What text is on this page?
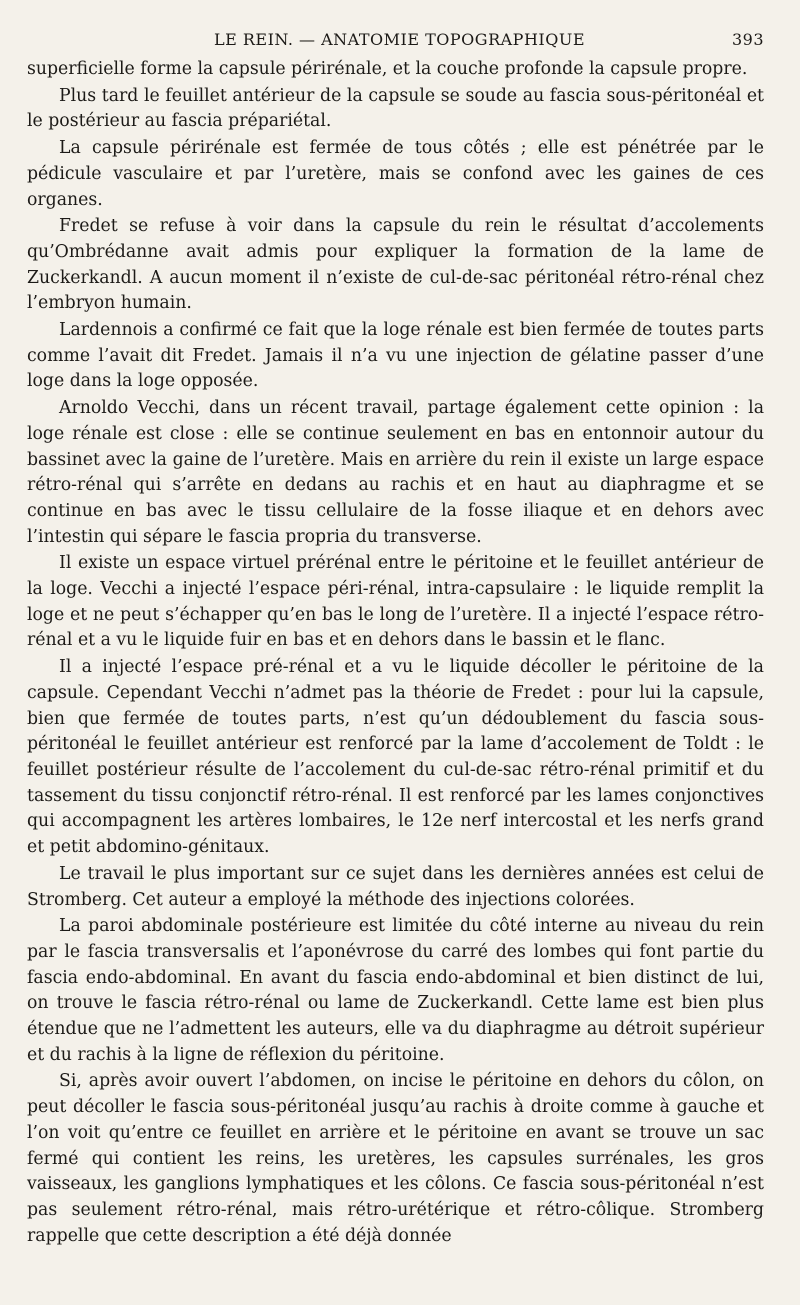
LE REIN. — ANATOMIE TOPOGRAPHIQUE	393

superficielle forme la capsule périrénale, et la couche profonde la capsule propre.

Plus tard le feuillet antérieur de la capsule se soude au fascia sous-péritonéal et le postérieur au fascia prépariétal.

La capsule périrénale est fermée de tous côtés ; elle est pénétrée par le pédicule vasculaire et par l’uretère, mais se confond avec les gaines de ces organes.

Fredet se refuse à voir dans la capsule du rein le résultat d’accolements qu’Ombrédanne avait admis pour expliquer la formation de la lame de Zuckerkandl. A aucun moment il n’existe de cul-de-sac péritonéal rétro-rénal chez l’embryon humain.

Lardennois a confirmé ce fait que la loge rénale est bien fermée de toutes parts comme l’avait dit Fredet. Jamais il n’a vu une injection de gélatine passer d’une loge dans la loge opposée.

Arnoldo Vecchi, dans un récent travail, partage également cette opinion : la loge rénale est close : elle se continue seulement en bas en entonnoir autour du bassinet avec la gaine de l’uretère. Mais en arrière du rein il existe un large espace rétro-rénal qui s’arrête en dedans au rachis et en haut au diaphragme et se continue en bas avec le tissu cellulaire de la fosse iliaque et en dehors avec l’intestin qui sépare le fascia propria du transverse.

Il existe un espace virtuel prérénal entre le péritoine et le feuillet antérieur de la loge. Vecchi a injecté l’espace péri-rénal, intra-capsulaire : le liquide remplit la loge et ne peut s’échapper qu’en bas le long de l’uretère. Il a injecté l’espace rétro-rénal et a vu le liquide fuir en bas et en dehors dans le bassin et le flanc.

Il a injecté l’espace pré-rénal et a vu le liquide décoller le péritoine de la capsule. Cependant Vecchi n’admet pas la théorie de Fredet : pour lui la capsule, bien que fermée de toutes parts, n’est qu’un dédoublement du fascia sous-péritonéal le feuillet antérieur est renforcé par la lame d’accolement de Toldt : le feuillet postérieur résulte de l’accolement du cul-de-sac rétro-rénal primitif et du tassement du tissu conjonctif rétro-rénal. Il est renforcé par les lames conjonctives qui accompagnent les artères lombaires, le 12e nerf intercostal et les nerfs grand et petit abdomino-génitaux.

Le travail le plus important sur ce sujet dans les dernières années est celui de Stromberg. Cet auteur a employé la méthode des injections colorées.

La paroi abdominale postérieure est limitée du côté interne au niveau du rein par le fascia transversalis et l’aponévrose du carré des lombes qui font partie du fascia endo-abdominal. En avant du fascia endo-abdominal et bien distinct de lui, on trouve le fascia rétro-rénal ou lame de Zuckerkandl. Cette lame est bien plus étendue que ne l’admettent les auteurs, elle va du diaphragme au détroit supérieur et du rachis à la ligne de réflexion du péritoine.

Si, après avoir ouvert l’abdomen, on incise le péritoine en dehors du côlon, on peut décoller le fascia sous-péritonéal jusqu’au rachis à droite comme à gauche et l’on voit qu’entre ce feuillet en arrière et le péritoine en avant se trouve un sac fermé qui contient les reins, les uretères, les capsules surrénales, les gros vaisseaux, les ganglions lymphatiques et les côlons. Ce fascia sous-péritonéal n’est pas seulement rétro-rénal, mais rétro-urétérique et rétro-côlique. Stromberg rappelle que cette description a été déjà donnée
